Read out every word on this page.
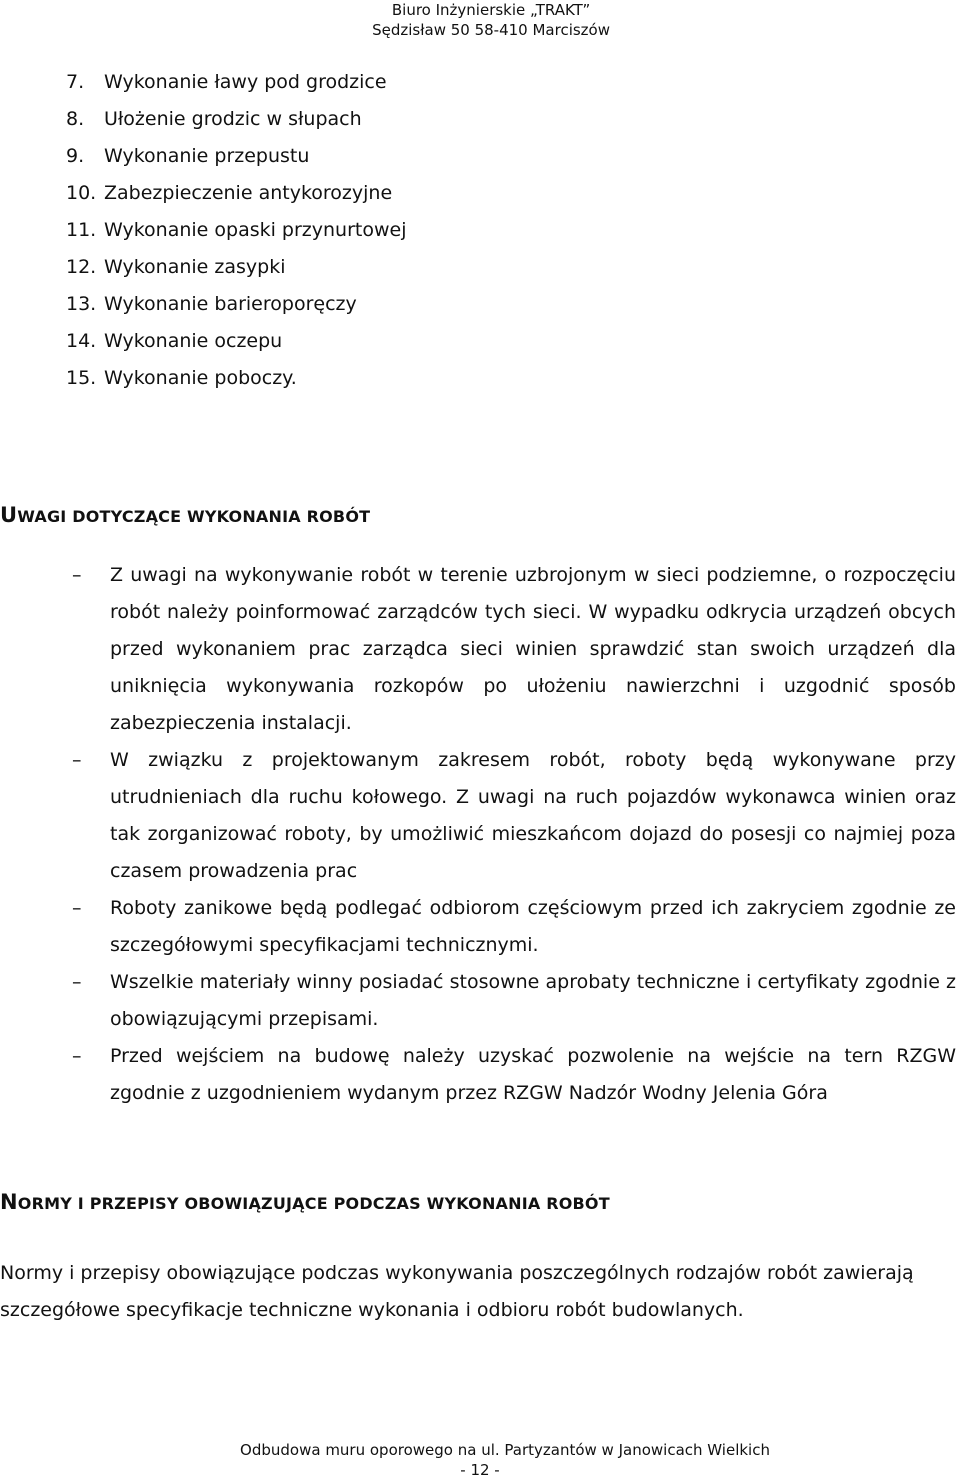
Biuro Inżynierskie „TRAKT”
Sędzisław 50 58-410 Marciszów
7. Wykonanie ławy pod grodzice
8. Ułożenie grodzic w słupach
9. Wykonanie przepustu
10. Zabezpieczenie antykorozyjne
11. Wykonanie opaski przynurtowej
12. Wykonanie zasypki
13. Wykonanie barieroporęczy
14. Wykonanie oczepu
15. Wykonanie poboczy.
UWAGI DOTYCZĄCE WYKONANIA ROBÓT
– Z uwagi na wykonywanie robót w terenie uzbrojonym w sieci podziemne, o rozpoczęciu robót należy poinformować zarządców tych sieci. W wypadku odkrycia urządzeń obcych przed wykonaniem prac zarządca sieci winien sprawdzić stan swoich urządzeń dla uniknięcia wykonywania rozkopów po ułożeniu nawierzchni i uzgodnić sposób zabezpieczenia instalacji.
– W związku z projektowanym zakresem robót, roboty będą wykonywane przy utrudnieniach dla ruchu kołowego. Z uwagi na ruch pojazdów wykonawca winien oraz tak zorganizować roboty, by umożliwić mieszkańcom dojazd do posesji co najmiej poza czasem prowadzenia prac
– Roboty zanikowe będą podlegać odbiorom częściowym przed ich zakryciem zgodnie ze szczegółowymi specyfikacjami technicznymi.
– Wszelkie materiały winny posiadać stosowne aprobaty techniczne i certyfikaty zgodnie z obowiązującymi przepisami.
– Przed wejściem na budowę należy uzyskać pozwolenie na wejście na tern RZGW zgodnie z uzgodnieniem wydanym przez RZGW Nadzór Wodny Jelenia Góra
NORMY I PRZEPISY OBOWIĄZUJĄCE PODCZAS WYKONANIA ROBÓT

Normy i przepisy obowiązujące podczas wykonywania poszczególnych rodzajów robót zawierają szczegółowe specyfikacje techniczne wykonania i odbioru robót budowlanych.

Odbudowa muru oporowego na ul. Partyzantów w Janowicach Wielkich
- 12 -
